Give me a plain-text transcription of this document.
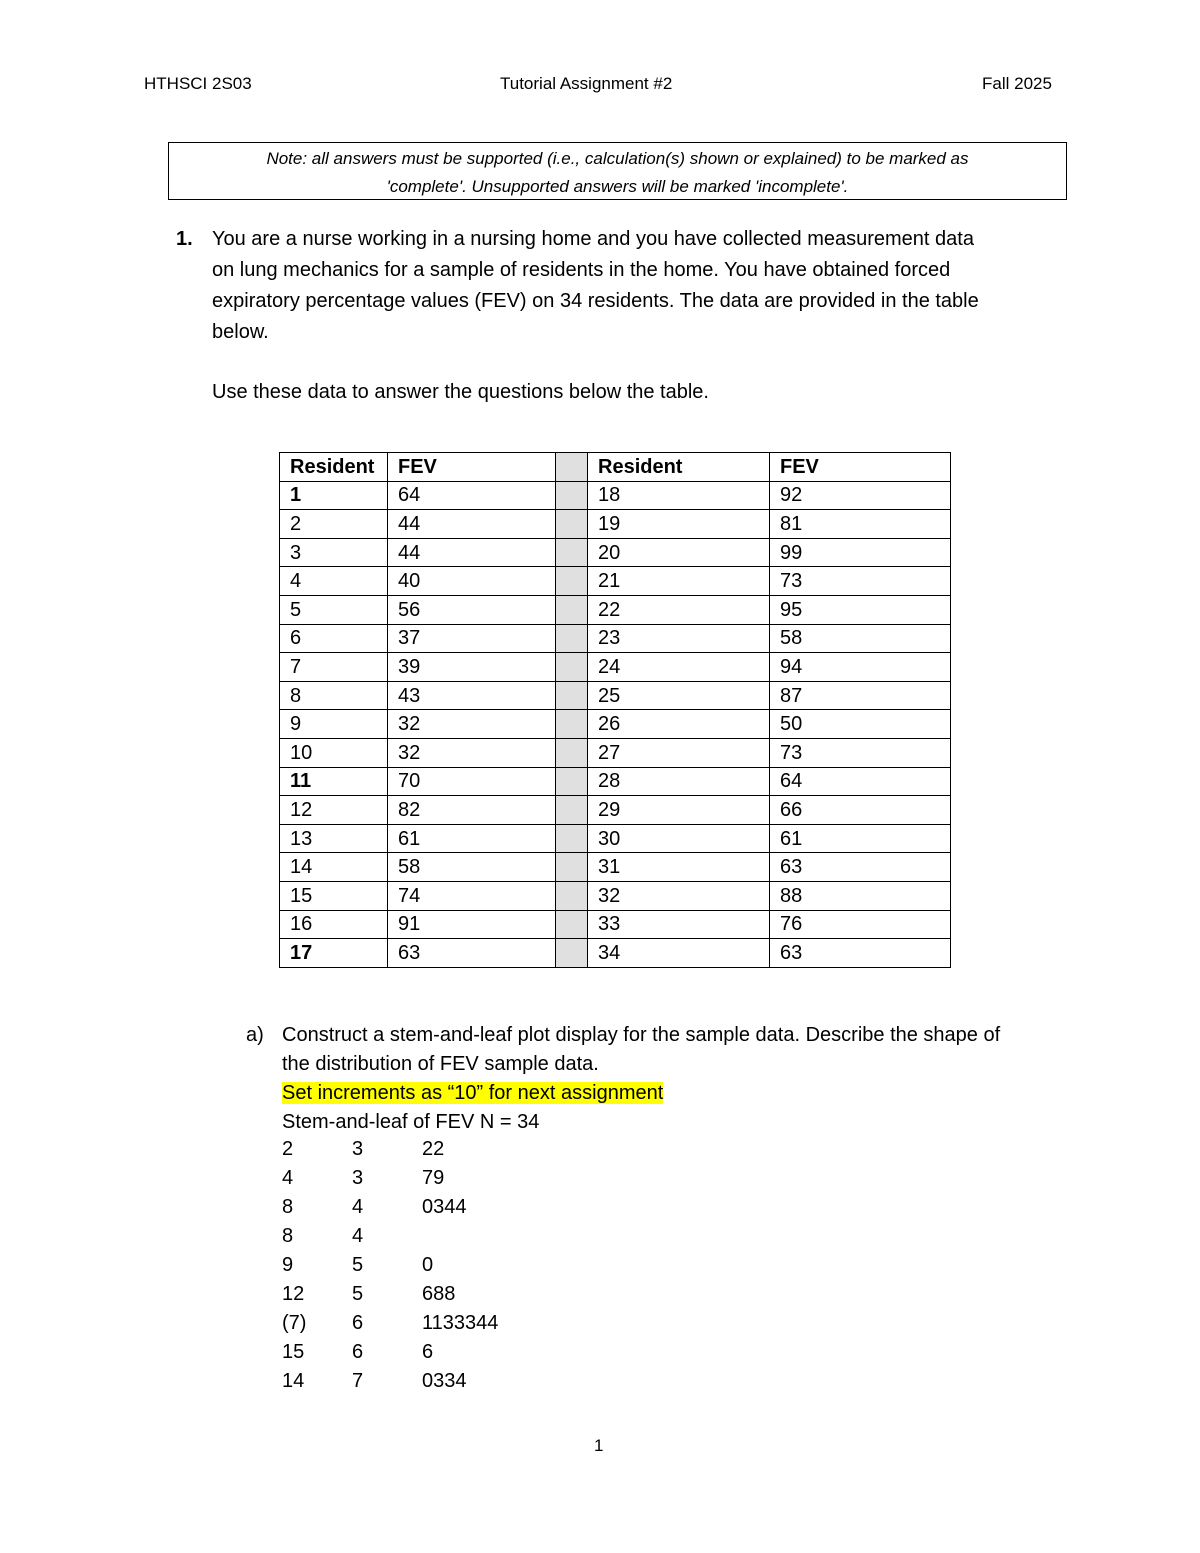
HTHSCI 2S03	Tutorial Assignment #2	Fall 2025
Note: all answers must be supported (i.e., calculation(s) shown or explained) to be marked as
'complete'. Unsupported answers will be marked 'incomplete'.
1. You are a nurse working in a nursing home and you have collected measurement data
on lung mechanics for a sample of residents in the home. You have obtained forced
expiratory percentage values (FEV) on 34 residents. The data are provided in the table
below.
Use these data to answer the questions below the table.
Resident	FEV		Resident	FEV
1	64		18	92
2	44		19	81
3	44		20	99
4	40		21	73
5	56		22	95
6	37		23	58
7	39		24	94
8	43		25	87
9	32		26	50
10	32		27	73
11	70		28	64
12	82		29	66
13	61		30	61
14	58		31	63
15	74		32	88
16	91		33	76
17	63		34	63
a) Construct a stem-and-leaf plot display for the sample data. Describe the shape of
the distribution of FEV sample data.
Set increments as “10” for next assignment
Stem-and-leaf of FEV N = 34
2	3	22
4	3	79
8	4	0344
8	4
9	5	0
12 5	688
(7) 6	1133344
15 6	6
14 7	0334
1
